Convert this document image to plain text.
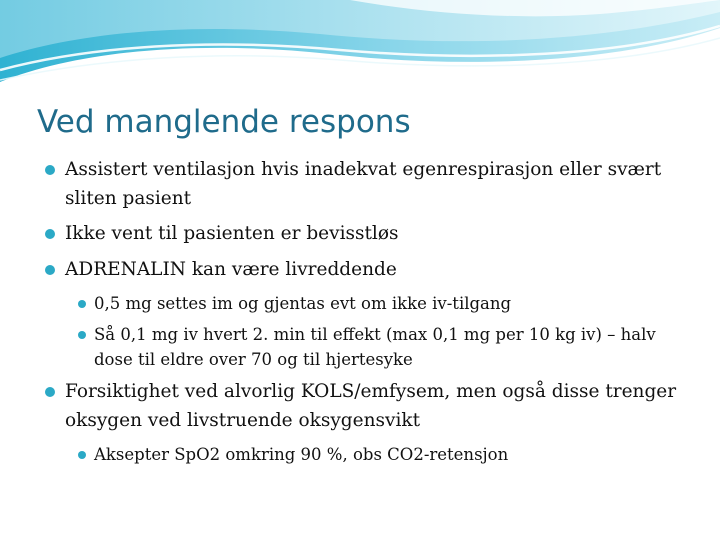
Ved manglende respons
Assistert ventilasjon hvis inadekvat egenrespirasjon eller svært sliten pasient
Ikke vent til pasienten er bevisstløs
ADRENALIN kan være livreddende
0,5 mg settes im og gjentas evt om ikke iv-tilgang
Så 0,1 mg iv hvert 2. min til effekt (max 0,1 mg per 10 kg iv) – halv dose til eldre over 70 og til hjertesyke
Forsiktighet ved alvorlig KOLS/emfysem, men også disse trenger oksygen ved livstruende oksygensvikt
Aksepter SpO2 omkring 90 %, obs CO2-retensjon
